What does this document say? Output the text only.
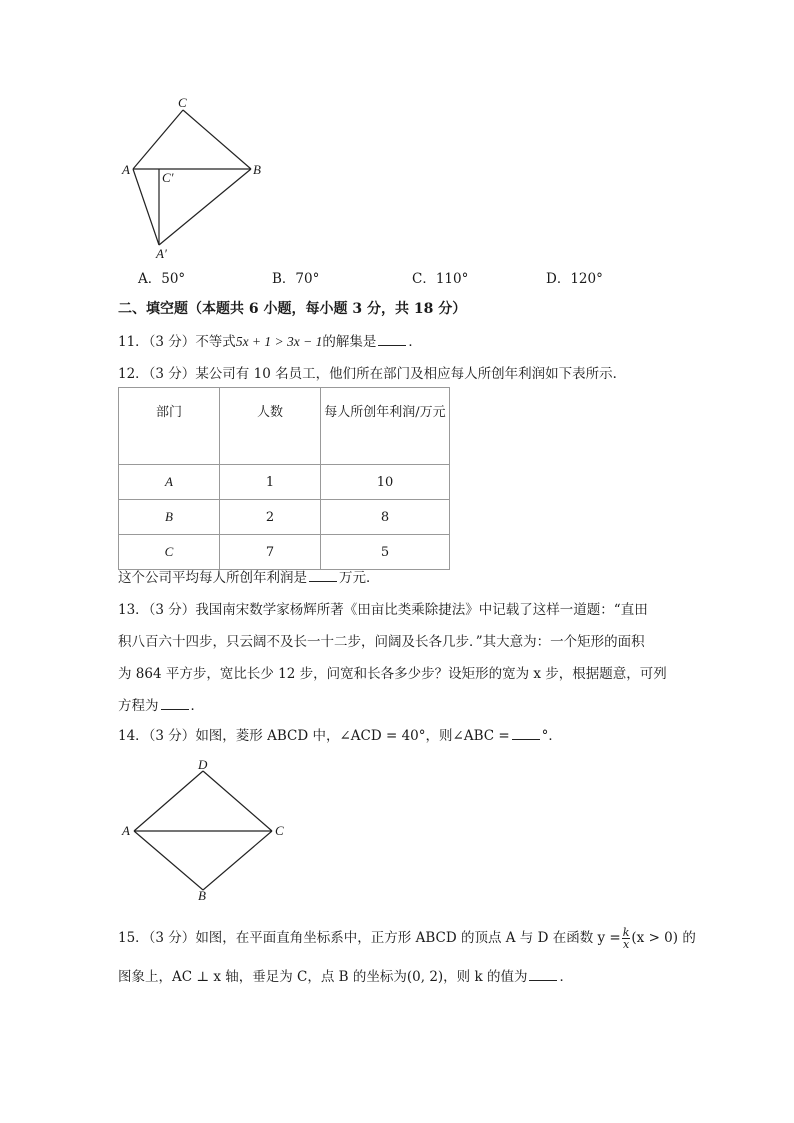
C
A	B
C′
A′
A．50°	B．70°	C．110°	D．120°
二、填空题（本题共 6 小题，每小题 3 分，共 18 分）
11．（3 分）不等式5x + 1 > 3x − 1的解集是 ．
12．（3 分）某公司有 10 名员工，他们所在部门及相应每人所创年利润如下表所示．
部门	人数	每人所创年利润/万元
A	1	10
B	2	8
C	7	5
这个公司平均每人所创年利润是 万元．
13．（3 分）我国南宋数学家杨辉所著《田亩比类乘除捷法》中记载了这样一道题：“直田
积八百六十四步，只云阔不及长一十二步，问阔及长各几步．”其大意为：一个矩形的面积
为 864 平方步，宽比长少 12 步，问宽和长各多少步？设矩形的宽为 x 步，根据题意，可列
方程为 ．
14．（3 分）如图，菱形 ABCD 中，∠ACD = 40°，则∠ABC = °．
D
A	C
B
15．（3 分）如图，在平面直角坐标系中，正方形 ABCD 的顶点 A 与 D 在函数 $y = \frac{k}{x} (x > 0)$ 的
图象上，AC ⊥ x 轴，垂足为 C，点 B 的坐标为(0, 2)，则 k 的值为 ．
